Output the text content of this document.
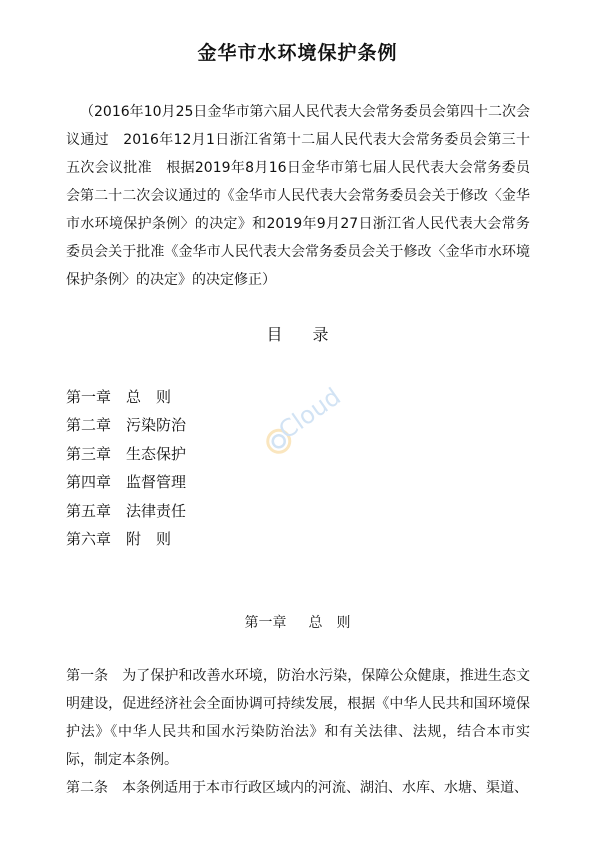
金华市水环境保护条例

（2016年10月25日金华市第六届人民代表大会常务委员会第四十二次会议通过　2016年12月1日浙江省第十二届人民代表大会常务委员会第三十五次会议批准　根据2019年8月16日金华市第七届人民代表大会常务委员会第二十二次会议通过的《金华市人民代表大会常务委员会关于修改〈金华市水环境保护条例〉的决定》和2019年9月27日浙江省人民代表大会常务委员会关于批准《金华市人民代表大会常务委员会关于修改〈金华市水环境保护条例〉的决定》的决定修正）

目录
第一章 总　则
第二章 污染防治
第三章 生态保护
第四章 监督管理
第五章 法律责任
第六章 附　则
Cloud
第一章 总　则

第一条 为了保护和改善水环境，防治水污染，保障公众健康，推进生态文明建设，促进经济社会全面协调可持续发展，根据《中华人民共和国环境保护法》《中华人民共和国水污染防治法》和有关法律、法规，结合本市实际，制定本条例。

第二条 本条例适用于本市行政区域内的河流、湖泊、水库、水塘、渠道、
